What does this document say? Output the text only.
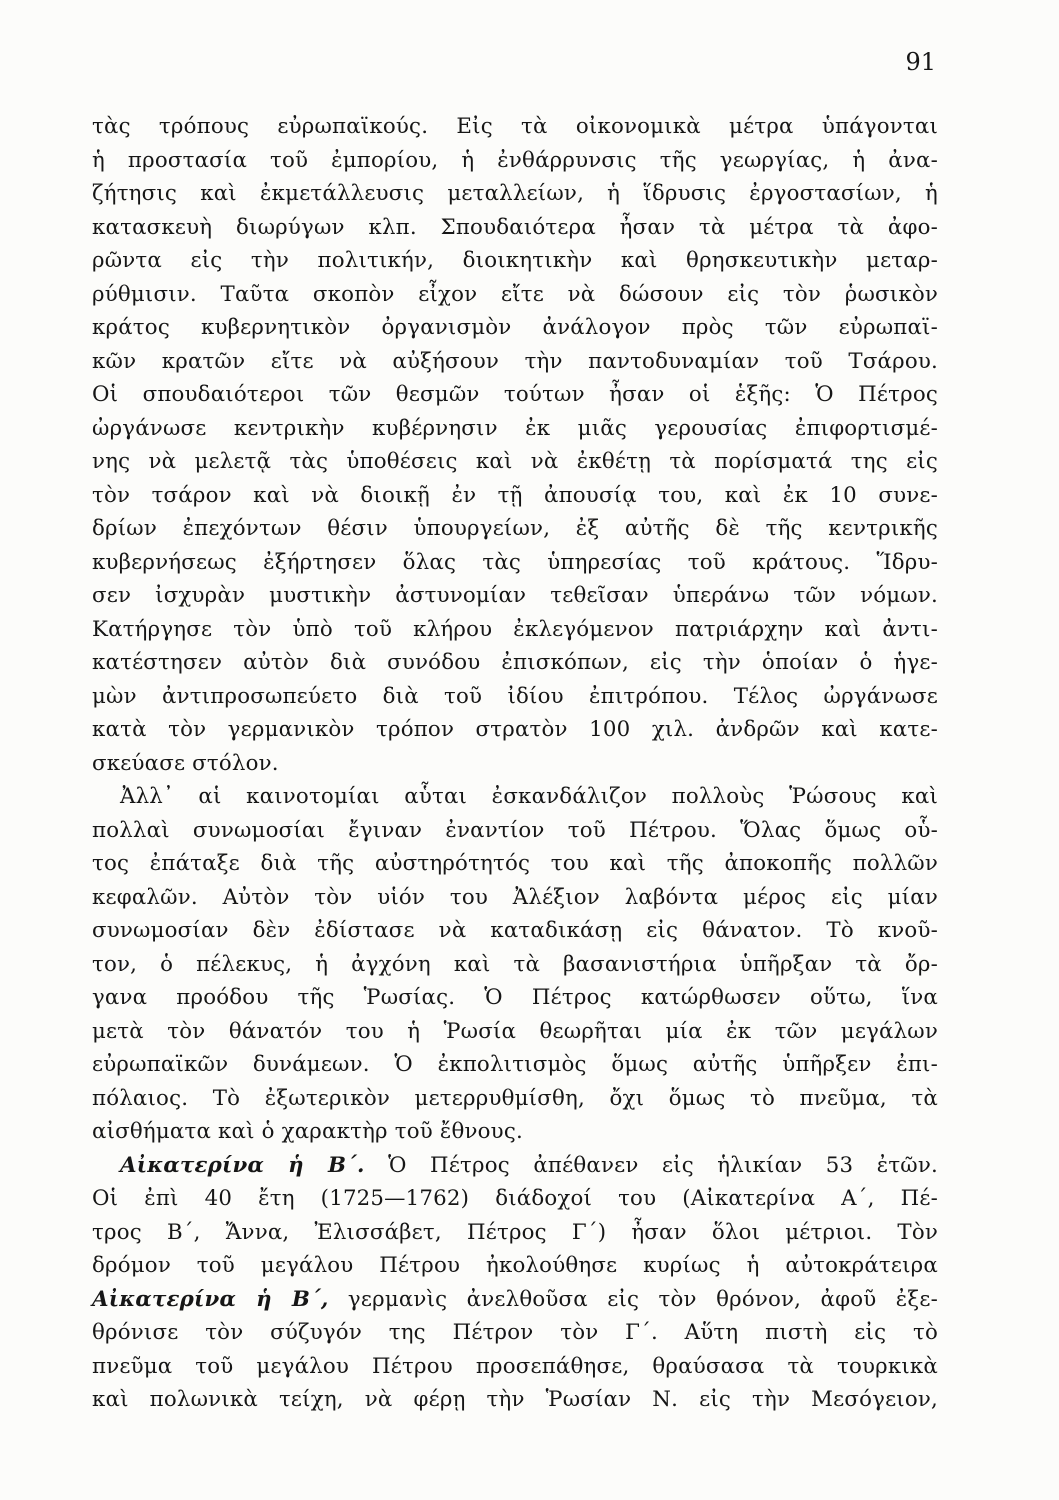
91
τὰς τρόπους εὐρωπαϊκούς. Εἰς τὰ οἰκονομικὰ μέτρα ὑπάγονται
ἡ προστασία τοῦ ἐμπορίου, ἡ ἐνθάρρυνσις τῆς γεωργίας, ἡ ἀνα-
ζήτησις καὶ ἐκμετάλλευσις μεταλλείων, ἡ ἵδρυσις ἐργοστασίων, ἡ
κατασκευὴ διωρύγων κλπ. Σπουδαιότερα ἦσαν τὰ μέτρα τὰ ἀφο-
ρῶντα εἰς τὴν πολιτικήν, διοικητικὴν καὶ θρησκευτικὴν μεταρ-
ρύθμισιν. Ταῦτα σκοπὸν εἶχον εἴτε νὰ δώσουν εἰς τὸν ῥωσικὸν
κράτος κυβερνητικὸν ὀργανισμὸν ἀνάλογον πρὸς τῶν εὐρωπαϊ-
κῶν κρατῶν εἴτε νὰ αὐξήσουν τὴν παντοδυναμίαν τοῦ Τσάρου.
Οἱ σπουδαιότεροι τῶν θεσμῶν τούτων ἦσαν οἱ ἑξῆς: Ὁ Πέτρος
ὠργάνωσε κεντρικὴν κυβέρνησιν ἐκ μιᾶς γερουσίας ἐπιφορτισμέ-
νης νὰ μελετᾷ τὰς ὑποθέσεις καὶ νὰ ἐκθέτῃ τὰ πορίσματά της εἰς
τὸν τσάρον καὶ νὰ διοικῇ ἐν τῇ ἀπουσίᾳ του, καὶ ἐκ 10 συνε-
δρίων ἐπεχόντων θέσιν ὑπουργείων, ἐξ αὐτῆς δὲ τῆς κεντρικῆς
κυβερνήσεως ἐξήρτησεν ὅλας τὰς ὑπηρεσίας τοῦ κράτους. Ἵδρυ-
σεν ἰσχυρὰν μυστικὴν ἀστυνομίαν τεθεῖσαν ὑπεράνω τῶν νόμων.
Κατήργησε τὸν ὑπὸ τοῦ κλήρου ἐκλεγόμενον πατριάρχην καὶ ἀντι-
κατέστησεν αὐτὸν διὰ συνόδου ἐπισκόπων, εἰς τὴν ὁποίαν ὁ ἡγε-
μὼν ἀντιπροσωπεύετο διὰ τοῦ ἰδίου ἐπιτρόπου. Τέλος ὠργάνωσε
κατὰ τὸν γερμανικὸν τρόπον στρατὸν 100 χιλ. ἀνδρῶν καὶ κατε-
σκεύασε στόλον.
Ἀλλ᾽ αἱ καινοτομίαι αὗται ἐσκανδάλιζον πολλοὺς Ῥώσους καὶ
πολλαὶ συνωμοσίαι ἔγιναν ἐναντίον τοῦ Πέτρου. Ὅλας ὅμως οὗ-
τος ἐπάταξε διὰ τῆς αὐστηρότητός του καὶ τῆς ἀποκοπῆς πολλῶν
κεφαλῶν. Αὐτὸν τὸν υἱόν του Ἀλέξιον λαβόντα μέρος εἰς μίαν
συνωμοσίαν δὲν ἐδίστασε νὰ καταδικάσῃ εἰς θάνατον. Τὸ κνοῦ-
τον, ὁ πέλεκυς, ἡ ἀγχόνη καὶ τὰ βασανιστήρια ὑπῆρξαν τὰ ὄρ-
γανα προόδου τῆς Ῥωσίας. Ὁ Πέτρος κατώρθωσεν οὕτω, ἵνα
μετὰ τὸν θάνατόν του ἡ Ῥωσία θεωρῆται μία ἐκ τῶν μεγάλων
εὐρωπαϊκῶν δυνάμεων. Ὁ ἐκπολιτισμὸς ὅμως αὐτῆς ὑπῆρξεν ἐπι-
πόλαιος. Τὸ ἐξωτερικὸν μετερρυθμίσθη, ὄχι ὅμως τὸ πνεῦμα, τὰ
αἰσθήματα καὶ ὁ χαρακτὴρ τοῦ ἔθνους.
Αἰκατερίνα ἡ Β΄. Ὁ Πέτρος ἀπέθανεν εἰς ἡλικίαν 53 ἐτῶν.
Οἱ ἐπὶ 40 ἔτη (1725—1762) διάδοχοί του (Αἰκατερίνα Α΄, Πέ-
τρος Β΄, Ἄννα, Ἐλισσάβετ, Πέτρος Γ΄) ἦσαν ὅλοι μέτριοι. Τὸν
δρόμον τοῦ μεγάλου Πέτρου ἠκολούθησε κυρίως ἡ αὐτοκράτειρα
Αἰκατερίνα ἡ Β΄, γερμανὶς ἀνελθοῦσα εἰς τὸν θρόνον, ἀφοῦ ἐξε-
θρόνισε τὸν σύζυγόν της Πέτρον τὸν Γ΄. Αὕτη πιστὴ εἰς τὸ
πνεῦμα τοῦ μεγάλου Πέτρου προσεπάθησε, θραύσασα τὰ τουρκικὰ
καὶ πολωνικὰ τείχη, νὰ φέρῃ τὴν Ῥωσίαν Ν. εἰς τὴν Μεσόγειον,
